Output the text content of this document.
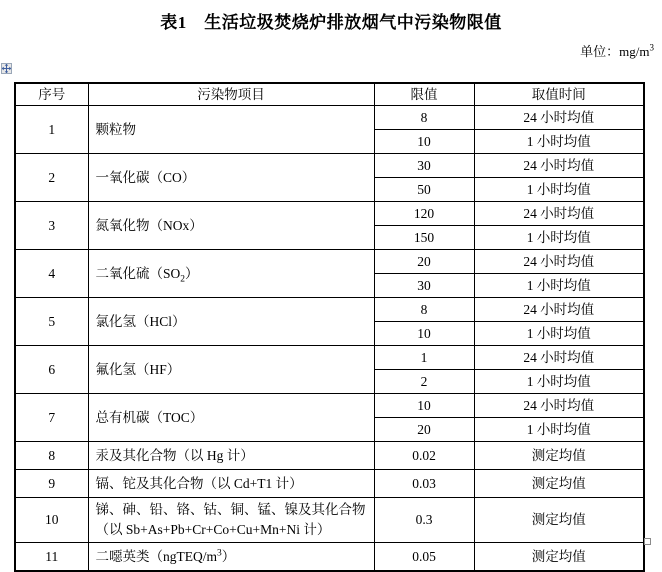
表1　生活垃圾焚烧炉排放烟气中污染物限值
单位：$mg/m^3$
序号	污染物项目	限值	取值时间
1	颗粒物	8	24 小时均值
		10	1 小时均值
2	一氧化碳（CO）	30	24 小时均值
		50	1 小时均值
3	氮氧化物（NOx）	120	24 小时均值
		150	1 小时均值
4	二氧化硫$(SO_2)$	20	24 小时均值
		30	1 小时均值
5	氯化氢（HCl）	8	24 小时均值
		10	1 小时均值
6	氟化氢（HF）	1	24 小时均值
		2	1 小时均值
7	总有机碳（TOC）	10	24 小时均值
		20	1 小时均值
8	汞及其化合物（以 Hg 计）	0.02	测定均值
9	镉、铊及其化合物（以 Cd+T1 计）	0.03	测定均值
10	锑、砷、铅、铬、钴、铜、锰、镍及其化合物（以 Sb+As+Pb+Cr+Co+Cu+Mn+Ni 计）	0.3	测定均值
11	二噁英类$(ngTEQ/m^3)$	0.05	测定均值
